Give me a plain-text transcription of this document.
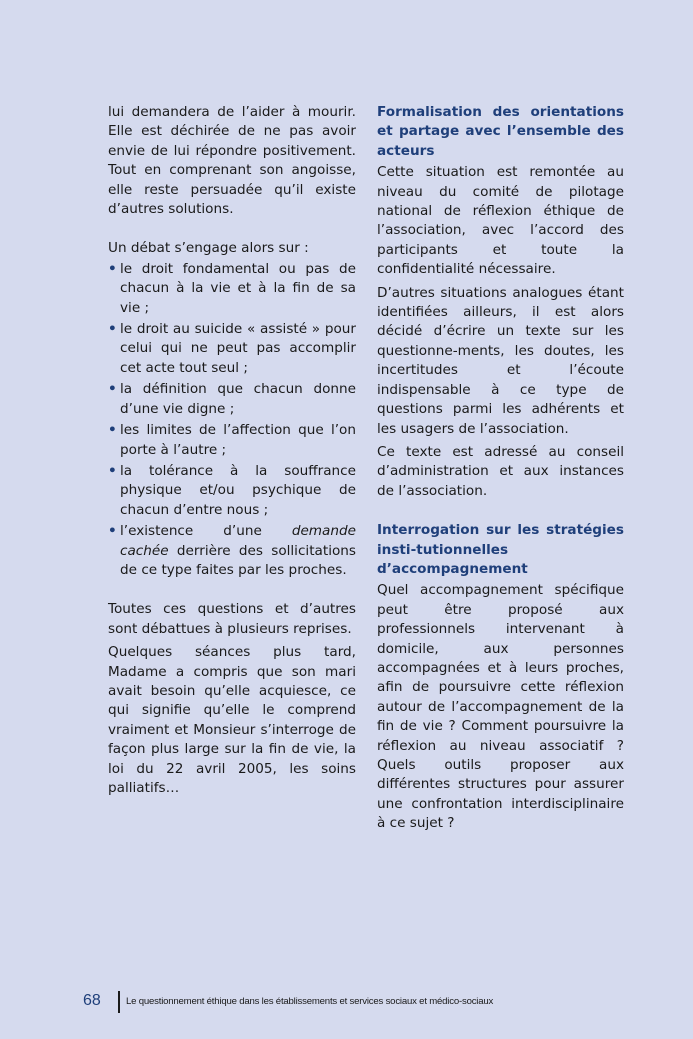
lui demandera de l’aider à mourir. Elle est déchirée de ne pas avoir envie de lui répondre positivement. Tout en comprenant son angoisse, elle reste persuadée qu’il existe d’autres solutions.

Un débat s’engage alors sur :

• le droit fondamental ou pas de chacun à la vie et à la fin de sa vie ;
• le droit au suicide « assisté » pour celui qui ne peut pas accomplir cet acte tout seul ;
• la définition que chacun donne d’une vie digne ;
• les limites de l’affection que l’on porte à l’autre ;
• la tolérance à la souffrance physique et/ou psychique de chacun d’entre nous ;
• l’existence d’une demande cachée derrière des sollicitations de ce type faites par les proches.

Toutes ces questions et d’autres sont débattues à plusieurs reprises.

Quelques séances plus tard, Madame a compris que son mari avait besoin qu’elle acquiesce, ce qui signifie qu’elle le comprend vraiment et Monsieur s’interroge de façon plus large sur la fin de vie, la loi du 22 avril 2005, les soins palliatifs…

Formalisation des orientations et partage avec l’ensemble des acteurs

Cette situation est remontée au niveau du comité de pilotage national de réflexion éthique de l’association, avec l’accord des participants et toute la confidentialité nécessaire.

D’autres situations analogues étant identifiées ailleurs, il est alors décidé d’écrire un texte sur les questionne-ments, les doutes, les incertitudes et l’écoute indispensable à ce type de questions parmi les adhérents et les usagers de l’association.

Ce texte est adressé au conseil d’administration et aux instances de l’association.

Interrogation sur les stratégies insti-tutionnelles d’accompagnement

Quel accompagnement spécifique peut être proposé aux professionnels intervenant à domicile, aux personnes accompagnées et à leurs proches, afin de poursuivre cette réflexion autour de l’accompagnement de la fin de vie ? Comment poursuivre la réflexion au niveau associatif ? Quels outils proposer aux différentes structures pour assurer une confrontation interdisciplinaire à ce sujet ?

68	Le questionnement éthique dans les établissements et services sociaux et médico-sociaux
